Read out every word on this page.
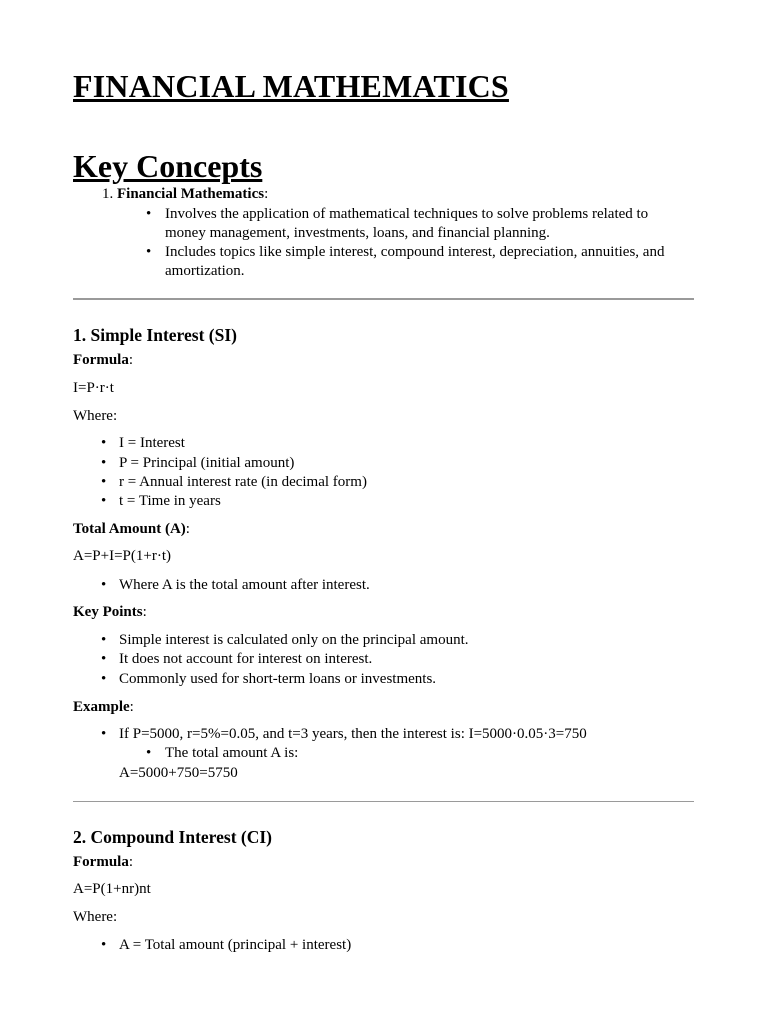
FINANCIAL MATHEMATICS
Key Concepts
1. Financial Mathematics:
• Involves the application of mathematical techniques to solve problems related to
money management, investments, loans, and financial planning.
• Includes topics like simple interest, compound interest, depreciation, annuities, and
amortization.
1. Simple Interest (SI)
Formula:
I=P·r·t
Where:
• I = Interest
• P = Principal (initial amount)
• r = Annual interest rate (in decimal form)
• t = Time in years
Total Amount (A):
A=P+I=P(1+r·t)
• Where A is the total amount after interest.
Key Points:
• Simple interest is calculated only on the principal amount.
• It does not account for interest on interest.
• Commonly used for short-term loans or investments.
Example:
• If P=5000, r=5%=0.05, and t=3 years, then the interest is: I=5000·0.05·3=750
• The total amount A is:
A=5000+750=5750
2. Compound Interest (CI)
Formula:
A=P(1+nr)nt
Where:
• A = Total amount (principal + interest)
